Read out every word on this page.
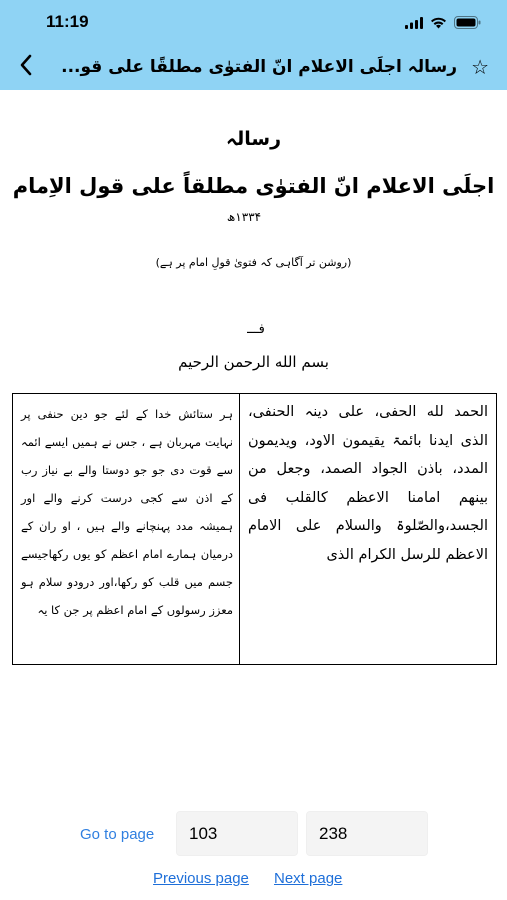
11:19
رسالہ اجلَی الاعلام انّ الفتوٰی مطلقًا علی قو... ☆
رسالہ
اجلَی الاعلام انّ الفتوٰی مطلقاً علی قول الاِمام
۱۳۳۴ھ
(روشن تر آگاہی کہ فتویٰ قولِ امام پر ہے)
فـــ
بسم الله الرحمن الرحیم
ہر ستائش خدا کے لئے جو دین حنفی پر نہایت مہربان ہے ، جس نے ہمیں ایسے ائمہ سے قوت دی جو جو دوستا والے بے نیاز رب کے اذن سے کجی درست کرنے والے اور ہمیشہ مدد پہنچانے والے ہیں ، او ران کے درمیان ہمارے امام اعظم کو یوں رکھاجیسے جسم میں قلب کو رکھا،اور درودو سلام ہو معزز رسولوں کے امام اعظم پر جن کا یہ
الحمد لله الحفی، علی دینہ الحنفی، الذی ایدنا بائمۃ یقیمون الاود، ویدیمون المدد، باذن الجواد الصمد، وجعل من بینھم امامنا الاعظم کالقلب فی الجسد،والصّلوۃ والسلام علی الامام الاعظم للرسل الکرام الذی
Go to page
103	238
Previous page Next page
